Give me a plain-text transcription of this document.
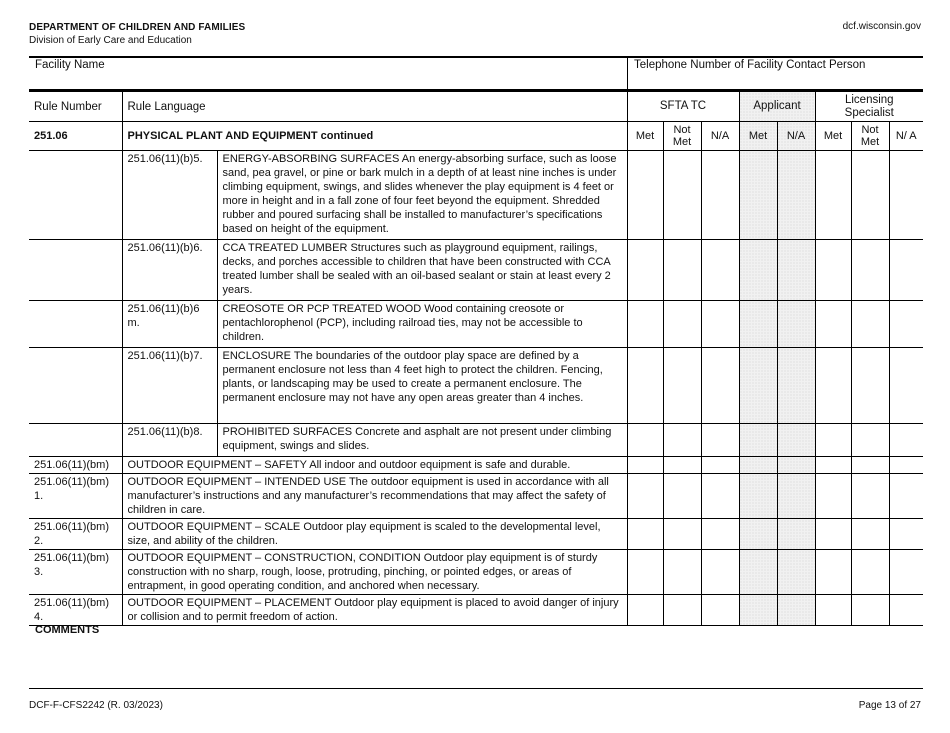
DEPARTMENT OF CHILDREN AND FAMILIES
Division of Early Care and Education
dcf.wisconsin.gov
Facility Name	Telephone Number of Facility Contact Person
Rule Number	Rule Language		SFTA TC			Applicant		Licensing Specialist		
251.06	PHYSICAL PLANT AND EQUIPMENT continued		Met	Not Met	N/A	Met	N/A	Met	Not Met	N/ A
	251.06(11)(b)5.	ENERGY-ABSORBING SURFACES An energy-absorbing surface, such as loose sand, pea gravel, or pine or bark mulch in a depth of at least nine inches is under climbing equipment, swings, and slides whenever the play equipment is 4 feet or more in height and in a fall zone of four feet beyond the equipment. Shredded rubber and poured surfacing shall be installed to manufacturer’s specifications based on height of the equipment.								
	251.06(11)(b)6.	CCA TREATED LUMBER Structures such as playground equipment, railings, decks, and porches accessible to children that have been constructed with CCA treated lumber shall be sealed with an oil-based sealant or stain at least every 2 years.								
	251.06(11)(b)6 m.	CREOSOTE OR PCP TREATED WOOD Wood containing creosote or pentachlorophenol (PCP), including railroad ties, may not be accessible to children.								
	251.06(11)(b)7.	ENCLOSURE The boundaries of the outdoor play space are defined by a permanent enclosure not less than 4 feet high to protect the children. Fencing, plants, or landscaping may be used to create a permanent enclosure. The permanent enclosure may not have any open areas greater than 4 inches.								
	251.06(11)(b)8.	PROHIBITED SURFACES Concrete and asphalt are not present under climbing equipment, swings and slides.								
251.06(11)(bm)	OUTDOOR EQUIPMENT – SAFETY All indoor and outdoor equipment is safe and durable.									
251.06(11)(bm) 1.	OUTDOOR EQUIPMENT – INTENDED USE The outdoor equipment is used in accordance with all manufacturer’s instructions and any manufacturer’s recommendations that may affect the safety of children in care.									
251.06(11)(bm) 2.	OUTDOOR EQUIPMENT – SCALE Outdoor play equipment is scaled to the developmental level, size, and ability of the children.									
251.06(11)(bm) 3.	OUTDOOR EQUIPMENT – CONSTRUCTION, CONDITION Outdoor play equipment is of sturdy construction with no sharp, rough, loose, protruding, pinching, or pointed edges, or areas of entrapment, in good operating condition, and anchored when necessary.									
251.06(11)(bm) 4.	OUTDOOR EQUIPMENT – PLACEMENT Outdoor play equipment is placed to avoid danger of injury or collision and to permit freedom of action.									
COMMENTS
DCF-F-CFS2242 (R. 03/2023)	Page 13 of 27
